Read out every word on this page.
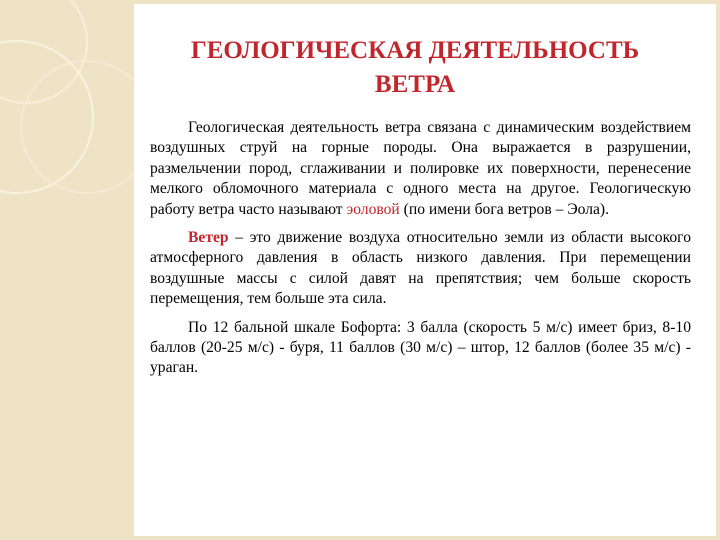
ГЕОЛОГИЧЕСКАЯ ДЕЯТЕЛЬНОСТЬ
ВЕТРА

Геологическая деятельность ветра связана с динамическим воздействием воздушных струй на горные породы. Она выражается в разрушении, размельчении пород, сглаживании и полировке их поверхности, перенесение мелкого обломочного материала с одного места на другое. Геологическую работу ветра часто называют эоловой (по имени бога ветров – Эола).

Ветер – это движение воздуха относительно земли из области высокого атмосферного давления в область низкого давления. При перемещении воздушные массы с силой давят на препятствия; чем больше скорость перемещения, тем больше эта сила.

По 12 бальной шкале Бофорта: 3 балла (скорость 5 м/с) имеет бриз, 8-10 баллов (20-25 м/с) - буря, 11 баллов (30 м/с) – штор, 12 баллов (более 35 м/с) - ураган.
